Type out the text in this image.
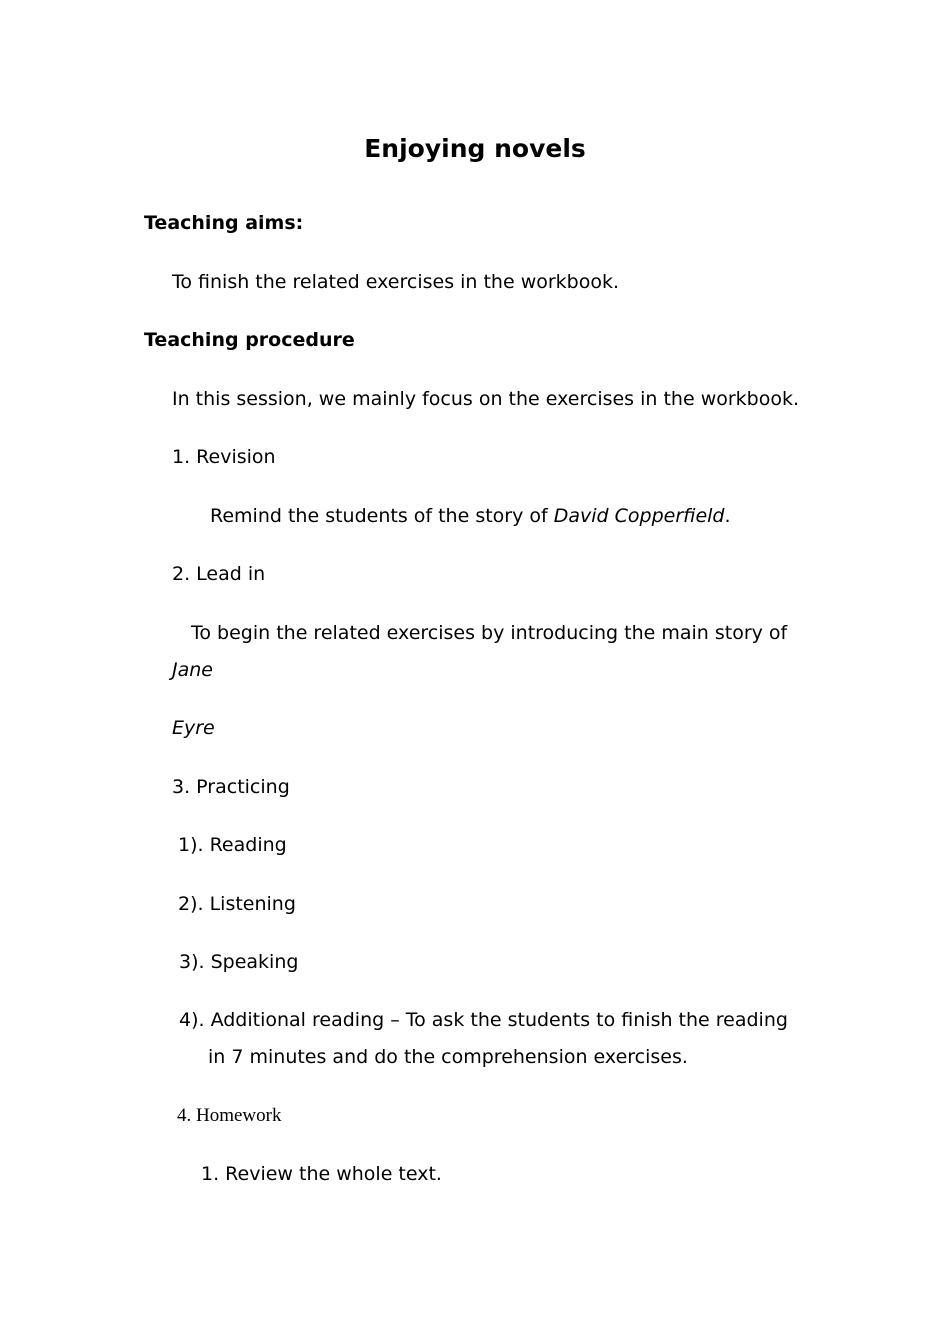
Enjoying novels
Teaching aims:
To finish the related exercises in the workbook.
Teaching procedure
In this session, we mainly focus on the exercises in the workbook.
1. Revision
Remind the students of the story of David Copperfield.
2. Lead in
To begin the related exercises by introducing the main story of
Jane
Eyre
3. Practicing
1). Reading
2). Listening
3). Speaking
4). Additional reading – To ask the students to finish the reading
in 7 minutes and do the comprehension exercises.
4. Homework
1. Review the whole text.
